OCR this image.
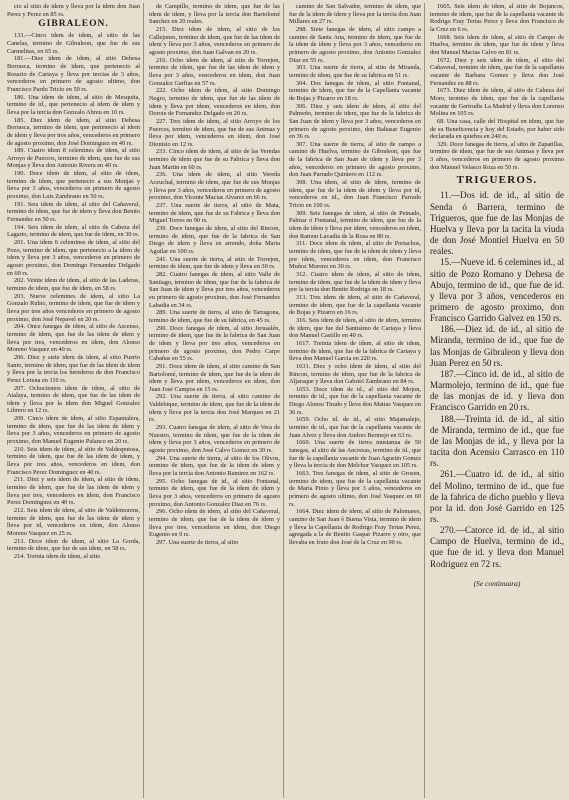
cio al sitio de idem y lleva por la idem don Juan Perez y Perez en 85 rs.

GIBRALEON.

133.—Cinco idem de idem, al sitio de las Canelas, termino de Gibraleon, que fue de sus Carmelitas, en 65 rs.

181.—Diez idem de idem, al sitio Dehesa Borrasca, termino de idem, que pertenecio al Rosario de Cartaya y lleva por tercias de 3 años, vencederos en primero de agosto ultimo, don Francisco Pardo Tricio en 50 rs.

186. Una idem de idem, al sitio de Mesquita, termino de id., que pertenecio al idem de idem y lleva por la tercia don Gonzalo Abreu en 10 rs.

185. Diez idem de idem, al sitio Dehesa Borrasca, termino de idem, que pertenecio al idem de idem y lleva por tres años, vencederos en primero de agosto proximo, don José Dominguez en 40 rs.

189. Cuatro idem 8 celemines de idem, al sitio Arroyo de Puercos, termino de idem, que fue de sus Monjas y lleva don Antonio Rivera en 40 rs.

190. Doce idem de idem, al sitio de idem, termino de idem, que pertenecio a sus Monjas y lleva por 3 años, vencederos en primero de agosto proximo, don Luis Zambrano en 50 rs.

191. Seis idem de idem, al sitio del Cañaveral, termino de idem, que fue de idem y lleva don Benito Fernandez en 50 rs.

194. Seis idem de idem, al sitio de Cabeza del Lagarto, termino de idem, que fue de idem, en 30 rs.

201. Una idem 6 celemines de idem, al sitio del Pozo, termino de idem, que pertenecio a la idem de idem y lleva por 3 años, vencederos en primero de agosto proximo, don Domingo Fernandez Delgado en 60 rs.

202. Veinte idem de idem, al sitio de las Laderas, termino de idem, que fue de idem, en 58 rs.

203. Nueve celemines de idem, al sitio La Gonzalo Rubio, termino de idem, que fue de idem y lleva por tres años vencederos en primero de agosto proximo, don José Nepavel en 20 rs.

204. Once fanegas de idem, al sitio de Ascenso, termino de idem, que fue de las idem de idem y lleva por tres, vencederos en idem, don Alonso Moreno Vasquez en 40 rs.

206. Diez y siete idem de idem, al sitio Puerto Santo, termino de idem, que fue de las idem de idem y lleva por la tercia los herederos de don Francisco Perez Lorena en 110 rs.

207. Ochocientos idem de idem, al sitio de Atalaya, termino de idem, que fue de las idem de idem y lleva por la idem don Miguel Gonzalez Librero en 12 rs.

209. Cinco idem de idem, al sitio Espantalera, termino de idem, que fue de las idem de idem y lleva por 3 años, vencederos en primero de agosto proximo, don Manuel Eugenio Palanco en 20 rs.

210. Seis idem de idem, al sitio de Valdesputosa, termino de idem, que fue de las idem de idem, y lleva por tres años, vencederos en idem, don Francisco Perez Dominguez en 40 rs.

211. Diez y seis idem de idem, al sitio de idem, termino de idem, que fue de las idem de idem y lleva por tres, vencederos en idem, don Francisco Perez Dominguez en 40 rs.

212. Seis idem de idem, al sitio de Valdemorens, termino de idem, que fue de las idem de idem y lleva por id, vencederos en idem, don Alonso Moreno Vasquez en 25 rs.

213. Doce idem de idem, al sitio La Gorda, termino de idem, que fue de sus idem, en 58 rs.

214. Treinta idem de idem, al sitio

de Campillo, termino de idem, que fue de las idem de idem, y lleva por la tercia don Bartolomé Sanchez en 20 reales.

215. Diez idem de idem, al sitio de los Callejones, termino de idem, que fue de las idem de idem y lleva por 3 años, vencederos en primero de agosto proximo, don Juan Galvan en 20 rs.

216. Ocho idem de idem, al sitio de Torrejon, termino de idem, que fue de las idem de idem y lleva por 3 años, vencederos en idem, don Juan Gonzalez Garfias en 57 rs.

222. Ocho idem de idem, al sitio Domingo Negro, termino de idem, que fue de las idem de idem y lleva por idem, vencederos en idem, don Dorote de Fernandez Delgado en 20 rs.

227. Tres idem de idem, al sitio Arroyo de los Puercos, termino de idem, que fue de sus Animas y lleva por idem, vencederos en idem, don José Dionisio en 12 rs.

233. Cinco idem de idem, al sitio de las Veredas termino de idem que fue de su Fabrica y lleva don Juan Martin en 60 rs.

236. Una idem de idem, al sitio Vereda Aceuchal, termino de idem, que fue de sus Monjas y lleva por 3 años, vencederos en primero de agosto proximo, don Vicente Macias Alvarez en 66 rs.

237. Una suerte de tierra, al sitio de Mata, termino de idem, que fue de su Fabrica y lleva don Miguel Torres en 90 rs.

239. Doce fanegas de idem, al sitio del Rincon, termino de idem, que fue de la fabrica de San Diego de idem y lleva en arrendo, doña Maria Aguilar en 100 rs.

241. Una suerte de tierra, al sitio de Torrejon, termino de idem, que fue de idem y lleva en 30 rs.

282. Cuatro fanegas de idem, al sitio Valle de Santiago, termino de idem, que fue de la fabrica de San Juan de idem y lleva por tres años, vencederos en primero de agosto proximo, don José Fernandez Labadia en 34 rs.

289. Una suerte de tierra, al sitio de Tarragona, termino de idem, que fue de su fabrica, en 45 rs.

290. Doce fanegas de idem, al sitio Jerusalén, termino de idem, que fue de la fabrica de San Juan de idem y lleva por tres años, vencederos en primero de agosto proximo, don Pedro Carpe Cabañas en 55 rs.

291. Doce idem de idem, al sitio camino de San Bartolomé, termino de idem, que fue de la idem de idem y lleva por idem, vencederos en idem, don Juan José Campos en 15 rs.

292. Una suerte de tierra, al sitio camino de Valdebique, termino de idem, que fue de la idem de idem y lleva por la tercia don José Marques en 21 rs.

293. Cuatro fanegas de idem, al sitio de Vera de Nuestro, termino de idem, que fue de la idem de idem y lleva por 3 años, vencederos en primero de agosto proximo, don José Calvo Gomez en 30 rs.

294. Una suerte de tierra, al sitio de los Olivos, termino de idem, que fue de la idem de idem y lleva por la tercia don Antonio Ramirez en 162 rs.

295. Ocho fanegas de id., al sitio Fontanal, termino de idem, que fue de la idem de idem y lleva por 3 años, vencederos en primero de agosto proximo, don Antonio Gonzalez Diaz en 76 rs.

296. Ocho idem de idem, al sitio del Cañaveral, termino de idem, que fue de la idem de idem y lleva por tres, vencederos en idem, don Diego Eugenio en 9 rs.

297. Una suerte de tierra, al sitio

camino de San Salvador, termino de idem, que fue de la idem de idem y lleva por la tercia don Juan Millares en 27 rs.

298. Siete fanegas de idem, al sitio campo a camino de Santa Ana, termino de idem, que fue de la idem de idem y lleva por 3 años, vencederos en primero de agosto proximo, don Antonio Gonzalez Diaz en 55 rs.

303. Una suerte de tierra, al sitio de Miranda, termino de idem, que fue de su fabrica en 51 rs.

304. Dos fanegas de idem, al sitio Fontanal, termino de idem, que fue de la Capellania vacante de Bojas y Pizarro en 18 rs.

306. Diez y seis idem de idem, al sitio del Palmeño, termino de idem, que fue de la fabrica de San Juan de idem y lleva por 3 años, vencederos en primero de agosto proximo, don Baltasar Eugenio en 36 rs.

307. Una suerte de tierra, al sitio de campo a camino de Huelva, termino de Gibraleon, que fue de la fabrica de San Juan de idem y lleva por 3 años, vencederos en primero de agosto proximo, don Juan Parrado Quintero en 112 rs.

308. Una idem, al sitio de idem, termino de idem, que fue de la idem de idem y lleva por id, vencederos en id., don Juan Francisco Parrado Tricio en 100 rs.

309. Seis fanegas de idem, al sitio de Peinado, Palmar ó Fontanal, termino de idem, que fue de la idem de idem y lleva por idem, vencederos en idem, don Ramon Lavadia de la Rosa en 80 rs.

311. Doce idem de idem, al sitio de Portachos, termino de idem, que fue de la idem de idem y lleva por idem, vencederos en idem, don Francisco Muñoz Moreno en 30 rs.

312. Cuatro idem de idem, al sitio de idem, termino de idem, que fue de la idem de idem y lleva por la tercia don Benito Rodrigo en 18 rs.

313. Tres idem de idem, al sitio de Cañaveral, termino de idem, que fue de la capellania vacante de Bojas y Pizarro en 16 rs.

316. Seis idem de idem, al sitio de idem, termino de idem, que fue del Santisimo de Cartaya y lleva don Manuel Castillo en 40 rs.

1617. Treinta idem de idem, al sitio de idem, termino de idem, que fue de la fabrica de Cartaya y lleva don Manuel Garcia en 220 rs.

1631. Diez y ocho idem de idem, al sitio del Rincon, termino de idem, que fue de la fabrica de Aljaraque y lleva don Gabriel Zambrano en 84 rs.

1653. Doce idem de id., al sitio del Mojon, termino de id., que fue de la capellania vacante de Diego Alonso Tirado y lleva don Matias Vasquez en 36 rs.

1659. Ocho id. de id., al sitio Majamalejo, termino de id., que fue de la capellania vacante de Juan Alvez y lleva don Andres Bermejo en 63 rs.

1660. Una suerte de tierra mustanua de 50 fanegas, al sitio de las Ancresas, termino de id., que fue de la capellania vacante de Juan Agustin Gomez y lleva la tercia de don Melchor Vasquez en 105 rs.

1663. Tres fanegas de idem, al sitio de Grosen, termino de idem, que fue de la capellania vacante de Maria Pinto y lleva por 3 años, vencederos en primero de agosto ultimo, don José Vasquez en 60 rs.

1664. Diez idem de idem, al sitio de Palomares, camino de San Juan ó Buena Vista, termino de idem y lleva la Capellania de Rodrigo Fray Tertas Perez, agregada a la de Benito Gaspar Pizarro y otro, que llevaba en fruto don José de la Cruz en 90 rs.

1665. Seis idem de idem, al sitio de Bojancos, termino de idem, que fue de la capellania vacante de Rodrigo Fray Tertas Perez y lleva don Francisco de la Cruz en 6 rs.

1668. Seis idem de idem, al sitio de Campo de Huelva, termino de idem, que fue de idem y lleva don Manuel Macias Calvo en 81 rs.

1672. Diez y seis idem de idem, al sitio del Cañaveral, termino de idem, que fue de la capellania vacante de Barbara Gomez y lleva don José Fernandez en 88 rs.

1673. Diez idem de idem, al sitio de Cabeza del Moro, termino de idem, que fue de la capellania vacante de Gertrudis La Madrid y lleva don Lorenzo Molina en 105 rs.

68. Una casa, calle del Hospital en idem, que fue de su Beneficencia y hoy del Estado, por haber sido declarada en quiebra en 240 rs.

329. Doce fanegas de tierra, al sitio de Zapatillas, termino de idem, que fue de sus Animas y lleva por 3 años, vencederos en primero de agosto proximo don Manuel Velasco Roza en 50 rs.

TRIGUEROS.

11.—Dos id. de id., al sitio de Senda ó Barrera, termino de Trigueros, que fue de las Monjas de Huelva y lleva por la tacita la viuda de don José Montiel Huelva en 50 reales.

15.—Nueve id. 6 celemines id., al sitio de Pozo Romano y Dehesa de Abujo, termino de id., que fue de id. y lleva por 3 años, vencederos en primero de agosto proximo, don Francisco Garrido Galvez en 150 rs.

186.—Diez id. de id., al sitio de Miranda, termino de id., que fue de las Monjas de Gibraleon y lleva don Juan Perez en 50 rs.

187.—Cinco id. de id., al sitio de Marmolejo, termino de id., que fue de las monjas de id. y lleva don Francisco Garrido en 20 rs.

188.—Treinta id. de id., al sitio de Miranda, termino de id., que fue de las Monjas de id., y lleva por la tacita don Acensio Carrasco en 110 rs.

261.—Cuatro id. de id., al sitio del Molino, termino de id., que fue de la fabrica de dicho pueblo y lleva por la id. don José Garrido en 125 rs.

270.—Catorce id. de id., al sitio Campo de Huelva, termino de id., que fue de id. y lleva don Manuel Rodriguez en 72 rs.

(Se continuara)
